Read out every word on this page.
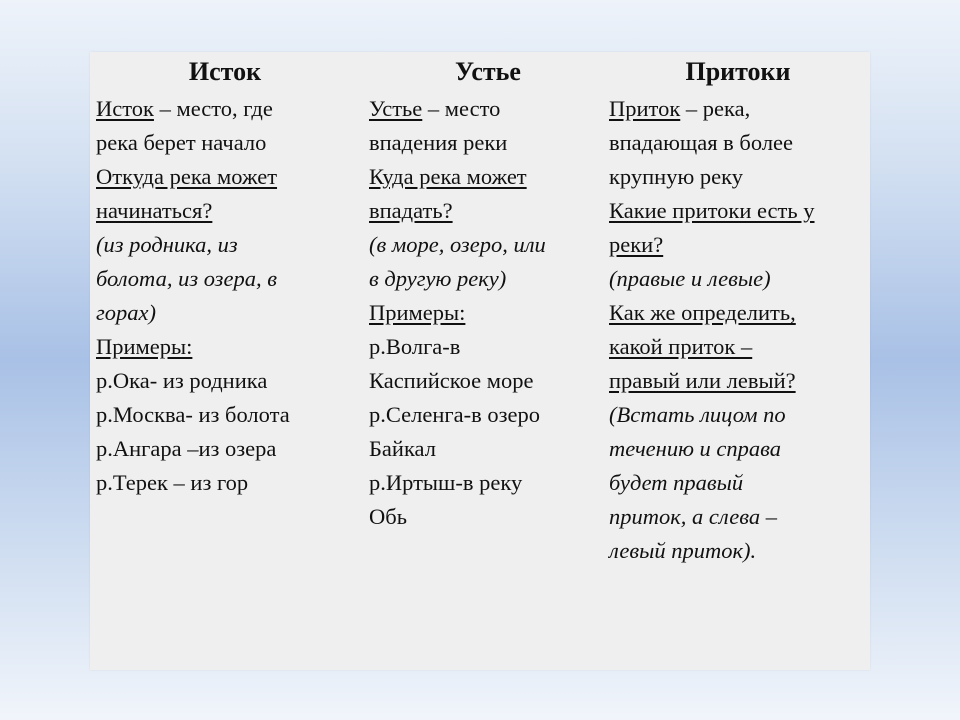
Исток
Исток – место, где
река берет начало
Откуда река может
начинаться?
(из родника, из
болота, из озера, в
горах)
Примеры:
р.Ока- из родника
р.Москва- из болота
р.Ангара –из озера
р.Терек – из гор
Устье
Устье – место
впадения реки
Куда река может
впадать?
(в море, озеро, или
в другую реку)
Примеры:
р.Волга-в
Каспийское море
р.Селенга-в озеро
Байкал
р.Иртыш-в реку
Обь
Притоки
Приток – река,
впадающая в более
крупную реку
Какие притоки есть у
реки?
(правые и левые)
Как же определить,
какой приток –
правый или левый?
(Встать лицом по
течению и справа
будет правый
приток, а слева –
левый приток).
